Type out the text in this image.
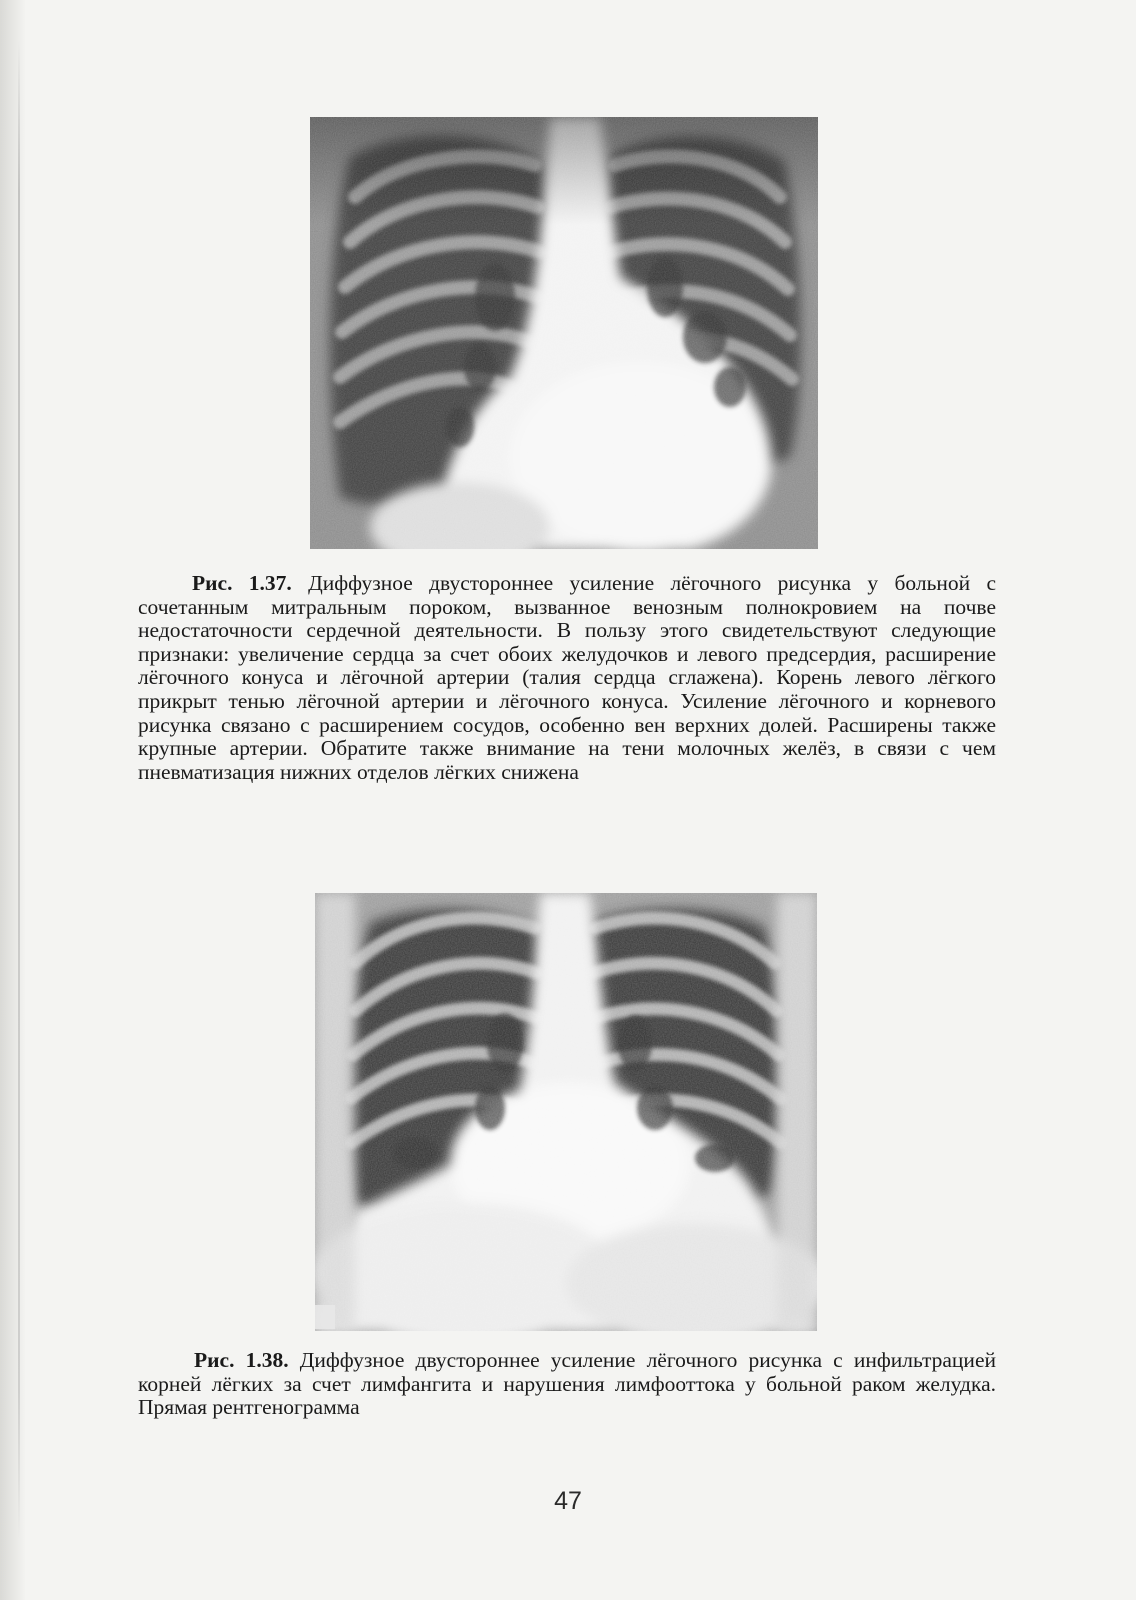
Рис. 1.37. Диффузное двустороннее усиление лёгочного рисунка у больной с сочетанным митральным пороком, вызванное венозным полнокровием на почве недостаточности сердечной деятельности. В пользу этого свидетельствуют следующие признаки: увеличение сердца за счет обоих желудочков и левого предсердия, расширение лёгочного конуса и лёгочной артерии (талия сердца сглажена). Корень левого лёгкого прикрыт тенью лёгочной артерии и лёгочного конуса. Усиление лёгочного и корневого рисунка связано с расширением сосудов, особенно вен верхних долей. Расширены также крупные артерии. Обратите также внимание на тени молочных желёз, в связи с чем пневматизация нижних отделов лёгких снижена
Рис. 1.38. Диффузное двустороннее усиление лёгочного рисунка с инфильтрацией корней лёгких за счет лимфангита и нарушения лимфооттока у больной раком желудка. Прямая рентгенограмма
47
